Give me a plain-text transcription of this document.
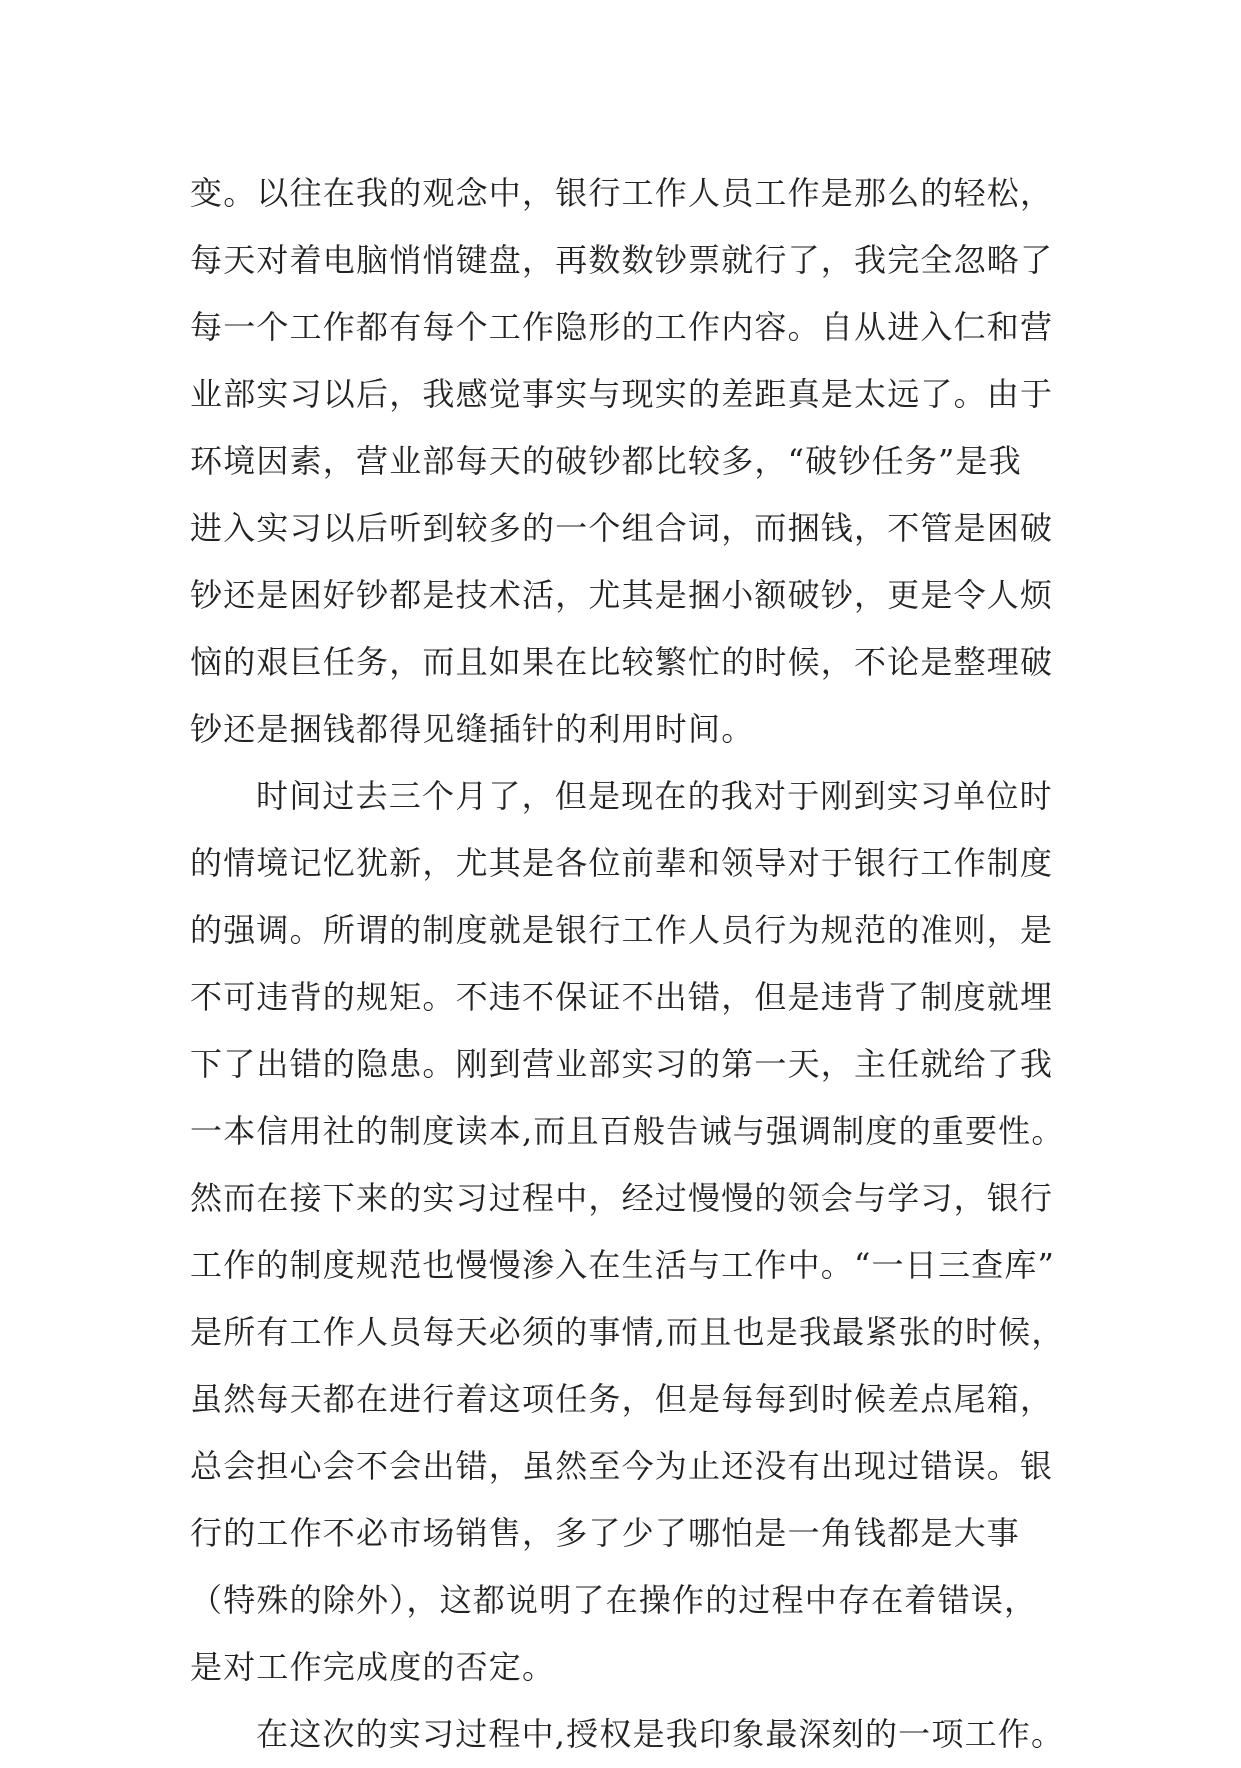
变。以往在我的观念中，银行工作人员工作是那么的轻松，
每天对着电脑悄悄键盘，再数数钞票就行了，我完全忽略了
每一个工作都有每个工作隐形的工作内容。自从进入仁和营
业部实习以后，我感觉事实与现实的差距真是太远了。由于
环境因素，营业部每天的破钞都比较多，“破钞任务”是我
进入实习以后听到较多的一个组合词，而捆钱，不管是困破
钞还是困好钞都是技术活，尤其是捆小额破钞，更是令人烦
恼的艰巨任务，而且如果在比较繁忙的时候，不论是整理破
钞还是捆钱都得见缝插针的利用时间。
时间过去三个月了，但是现在的我对于刚到实习单位时
的情境记忆犹新，尤其是各位前辈和领导对于银行工作制度
的强调。所谓的制度就是银行工作人员行为规范的准则，是
不可违背的规矩。不违不保证不出错，但是违背了制度就埋
下了出错的隐患。刚到营业部实习的第一天，主任就给了我
一本信用社的制度读本,而且百般告诫与强调制度的重要性。
然而在接下来的实习过程中，经过慢慢的领会与学习，银行
工作的制度规范也慢慢渗入在生活与工作中。“一日三查库”
是所有工作人员每天必须的事情,而且也是我最紧张的时候，
虽然每天都在进行着这项任务，但是每每到时候差点尾箱，
总会担心会不会出错，虽然至今为止还没有出现过错误。银
行的工作不必市场销售，多了少了哪怕是一角钱都是大事
（特殊的除外），这都说明了在操作的过程中存在着错误，
是对工作完成度的否定。
在这次的实习过程中,授权是我印象最深刻的一项工作。
